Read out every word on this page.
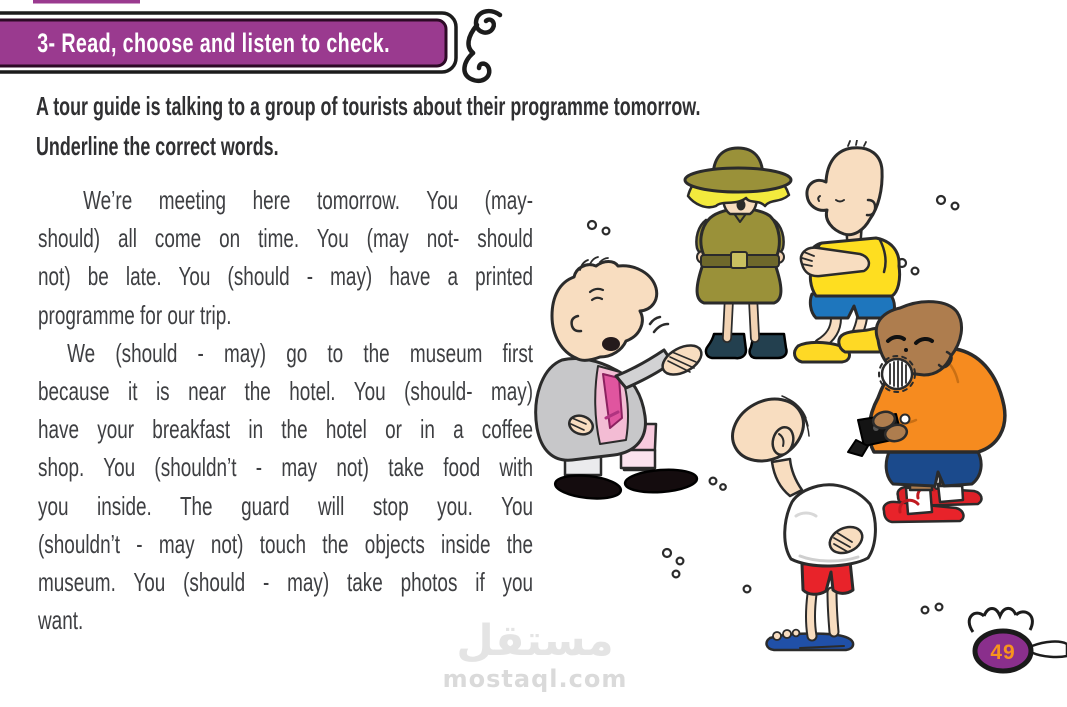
3- Read, choose and listen to check.
A tour guide is talking to a group of tourists about their programme tomorrow.
Underline the correct words.
We’re meeting here tomorrow. You (may-
should) all come on time. You (may not- should
not) be late. You (should - may) have a printed
programme for our trip.
We (should - may) go to the museum first
because it is near the hotel. You (should- may)
have your breakfast in the hotel or in a coffee
shop. You (shouldn’t - may not) take food with
you inside. The guard will stop you. You
(shouldn’t - may not) touch the objects inside the
museum. You (should - may) take photos if you
want.	مستقل
mostaql.com
49
